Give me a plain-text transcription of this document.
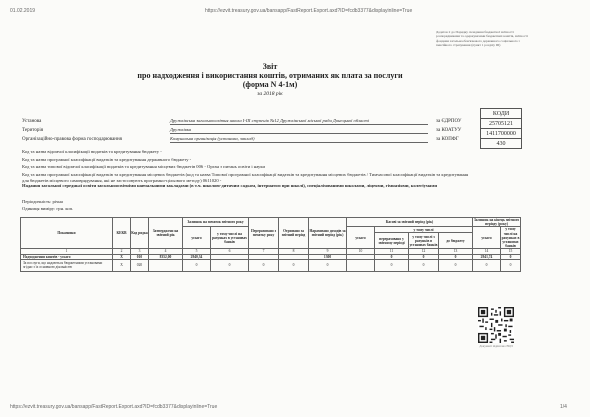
01.02.2019	https://ezvit.treasury.gov.ua/bansapp/FastReport.Export.axd?ID=fcdb3377&displayinline=True
Додаток 2 до Порядку складання бюджетної звітності розпорядниками та одержувачами бюджетних коштів, звітності фондами загальнообов'язкового державного соціального і пенсійного страхування (пункт 1 розділу III)
Звіт
про надходження і використання коштів, отриманих як плата за послуги
(форма N 4-1м)
за 2018 рік
КОДИ
25705121
1411700000
430
Установа	Дружківська загальноосвітня школа І-ІІІ ступенів №12 Дружківської міської ради Донецької області	за ЄДРПОУ
Територія	Дружківка	за КОАТУУ
Організаційно-правова форма господарювання	Комунальна організація (установа, заклад)	за КОПФГ
Код та назва відомчої класифікації видатків та кредитування бюджету -
Код та назва програмної класифікації видатків та кредитування державного бюджету -
Код та назва типової відомчої класифікації видатків та кредитування місцевих бюджетів 006 - Орган з питань освіти і науки
Код та назва програмної класифікації видатків та кредитування місцевих бюджетів (код та назва Типової програмної класифікації видатків та кредитування місцевих бюджетів / Тимчасової класифікації видатків та кредитування для бюджетів місцевого самоврядування, які не застосовують програмно-цільового методу) 0611020 -
Надання загальної середньої освіти загальноосвітніми навчальними закладами (в т.ч. школою-дитячим садком, інтернатом при школі), спеціалізованими школами, ліцеями, гімназіями, колегіумами
Періодичність: річна
Одиниця виміру: грн. коп.
Показники	КЕКВ	Код рядка	Затверджено на звітний рік	Залишок на початок звітного року		Перераховано з початку року	Отримано за звітний період	Нараховано доходів за звітний період (рік)	Касові за звітний період (рік)				Залишок на кінець звітного періоду (року)	
				усього	у тому числі на рахунках в установах банків				усього	у тому числі			усього	у тому числі на рахунках в установах банків
										перераховано у звітному періоді	у тому числі з рахунків в установах банків	до бюджету		
1	2	3	4	5	6	7	8	9	10	11	12	13	14	15
Надходження коштів - усього	Х	010	8352,00	2940,34				1300		0	0	0	2941,74	0
За послуги, що надаються бюджетними установами згідно з їх основною діяльністю	Х	020		0	0	0	0	0		0	0	0	0	0
Документ підписано ЕЦП
https://ezvit.treasury.gov.ua/bansapp/FastReport.Export.axd?ID=fcdb3377&displayinline=True	1/4
